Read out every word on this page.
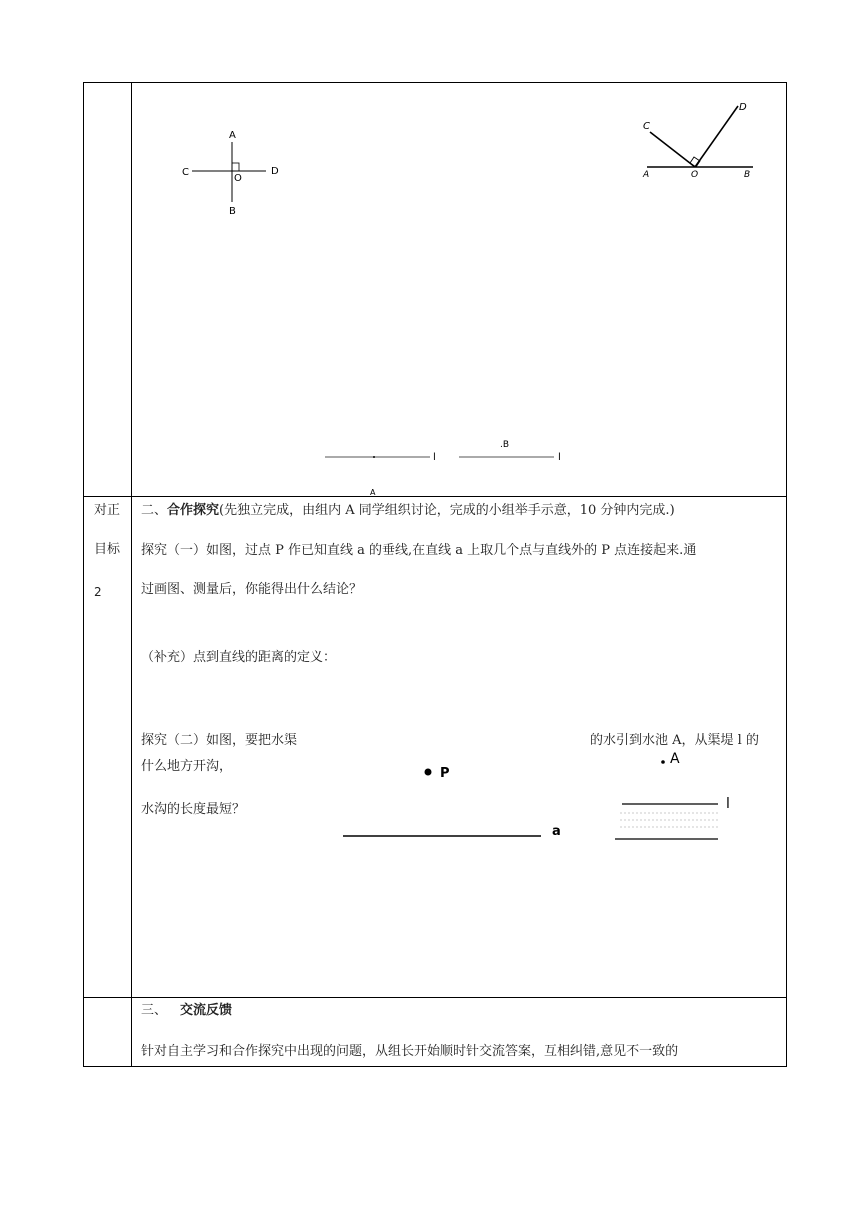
A
C	D
O
B
C
D
A	O	B
A
l	l
.B
对正
目标
2
二、合作探究(先独立完成，由组内 A 同学组织讨论，完成的小组举手示意，10 分钟内完成.)
探究（一）如图，过点 P 作已知直线 a 的垂线,在直线 a 上取几个点与直线外的 P 点连接起来.通
过画图、测量后，你能得出什么结论？
（补充）点到直线的距离的定义：
探究（二）如图，要把水渠	的水引到水池 A，从渠堤 l 的
什么地方开沟，
水沟的长度最短？
P
a
A
l
三、 交流反馈
针对自主学习和合作探究中出现的问题，从组长开始顺时针交流答案，互相纠错,意见不一致的
